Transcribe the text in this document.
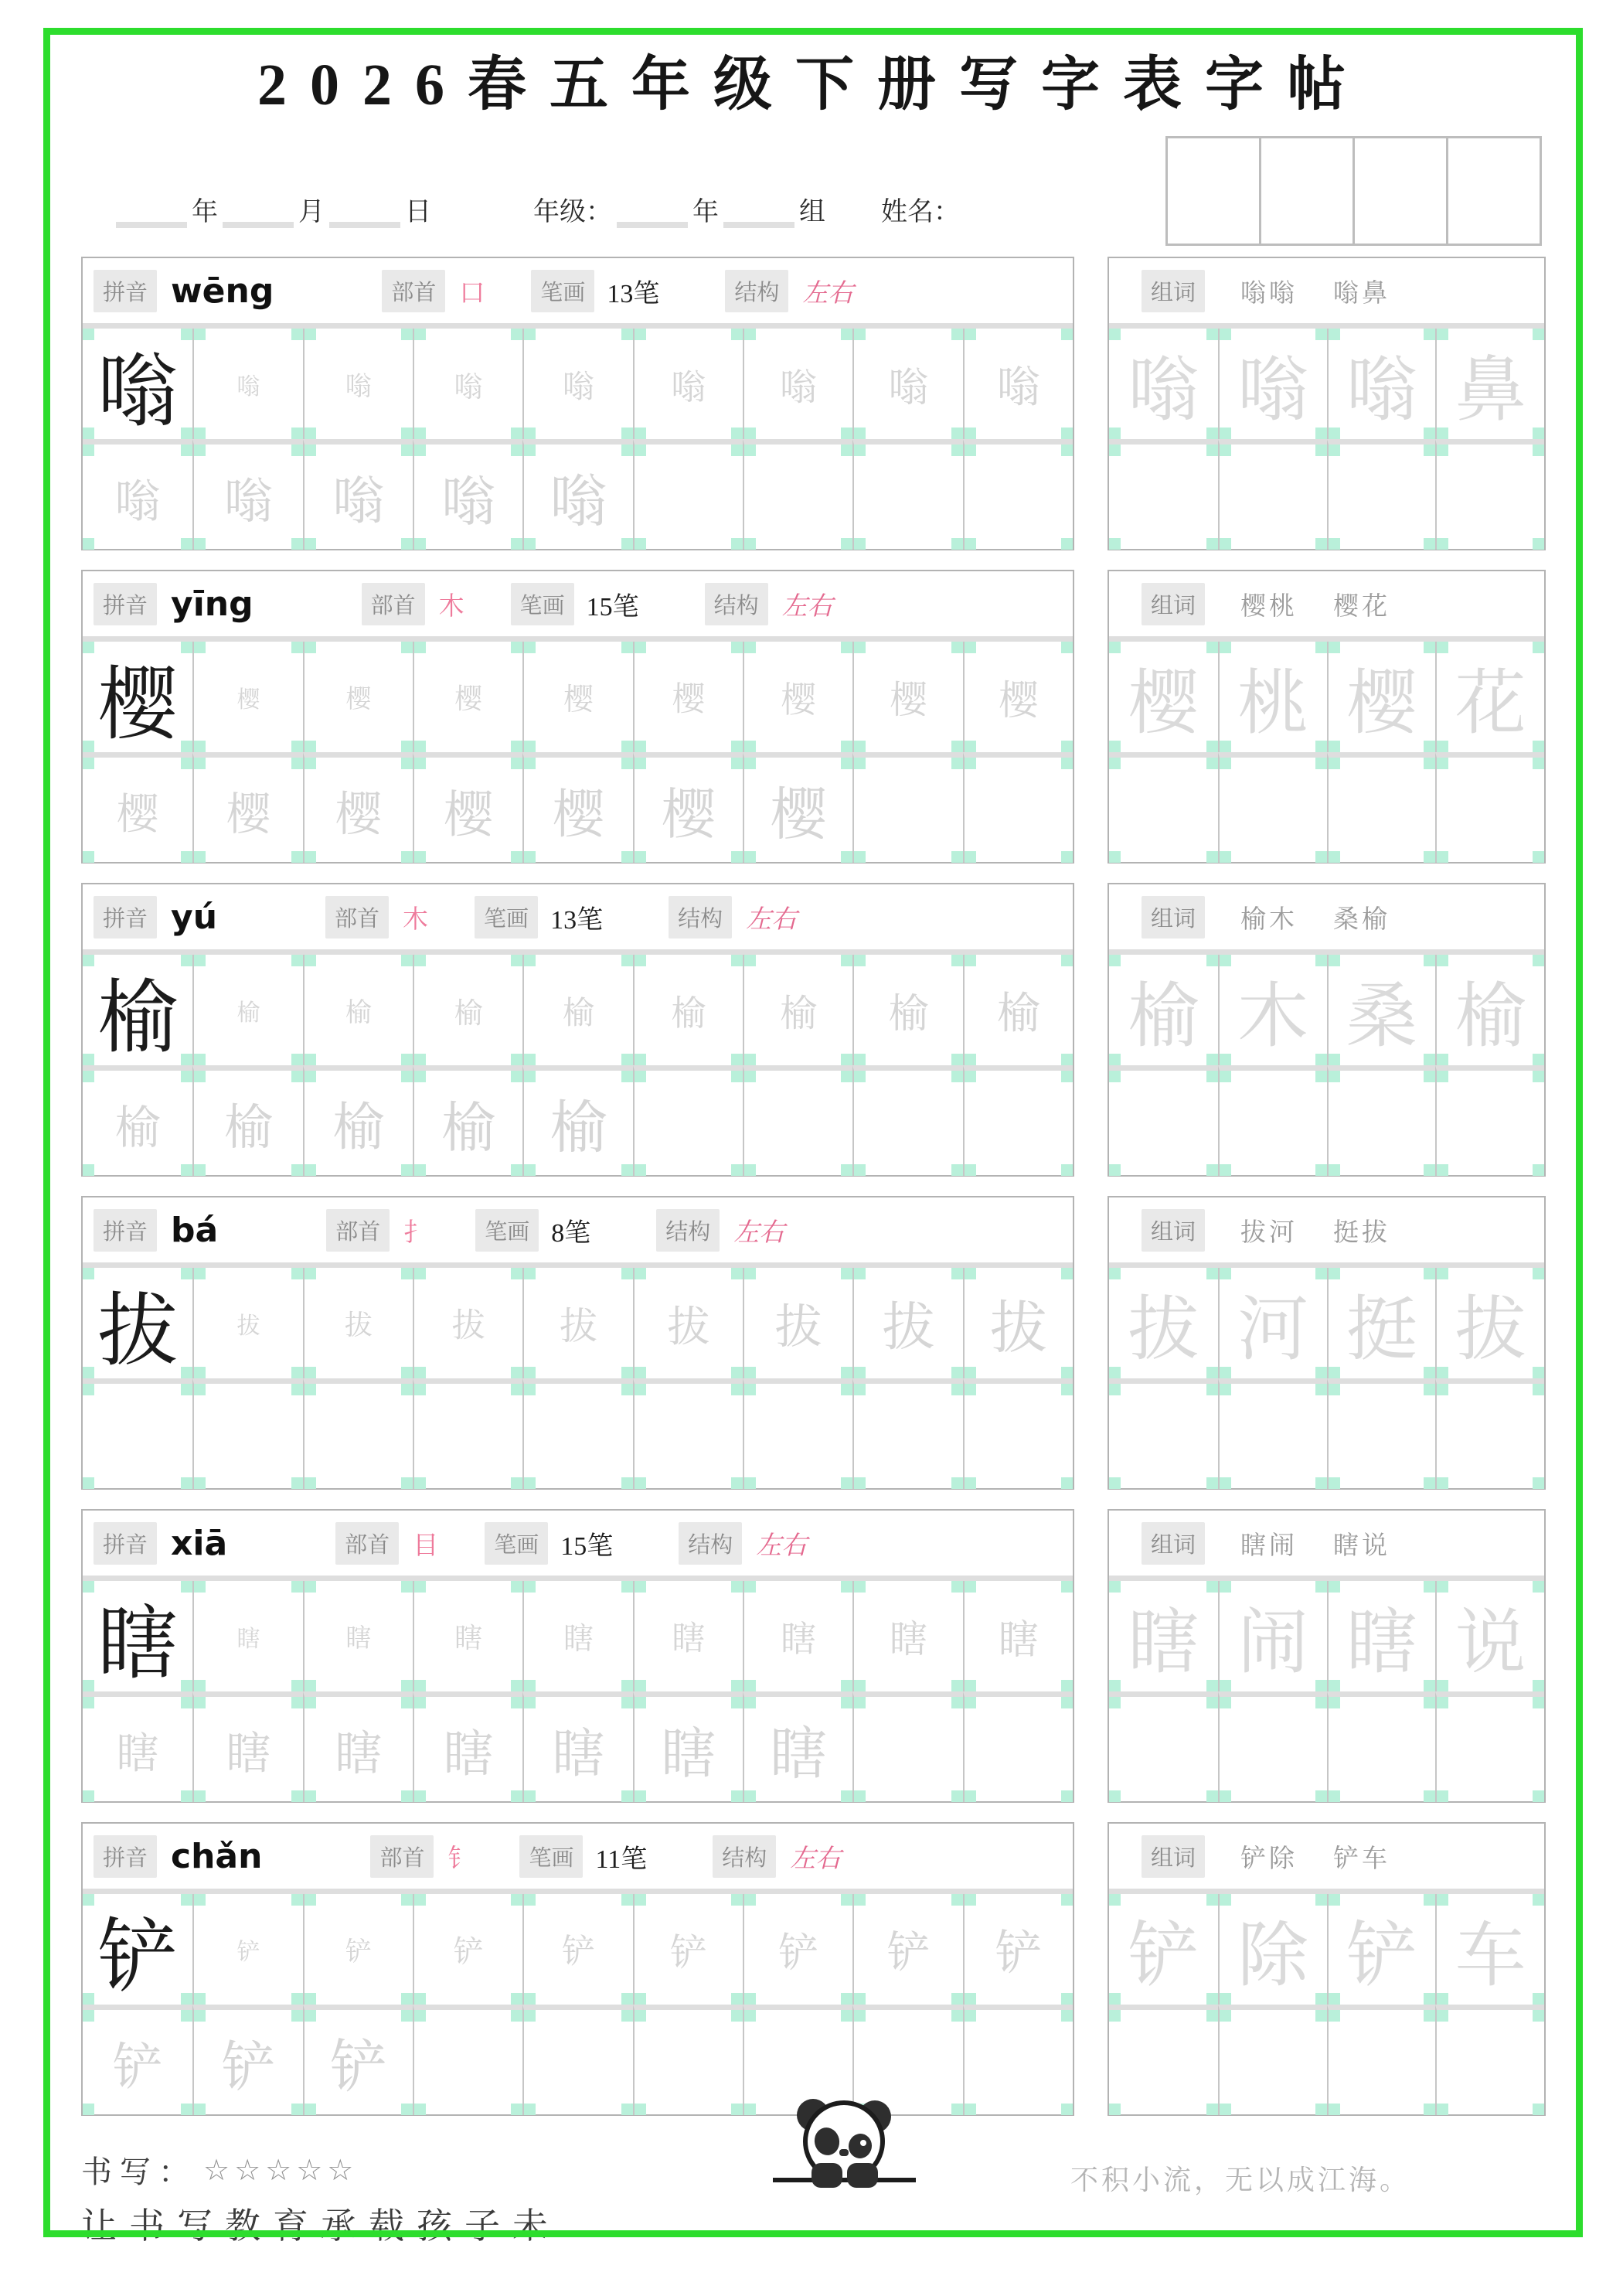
2026春五年级下册写字表字帖
年	月	日	年级：	年	组 姓名：
拼音 wēng	部首 口	笔画 13笔	结构 左右
嗡	嗡	嗡	嗡	嗡	嗡	嗡	嗡	嗡
嗡	嗡	嗡	嗡 嗡
组词	嗡嗡 嗡鼻
嗡 嗡 嗡 鼻
拼音 yīng	部首 木	笔画 15笔	结构 左右
樱	樱	樱	樱	樱	樱	樱	樱	樱
樱	樱	樱	樱	樱	樱 樱
组词	樱桃 樱花
樱 桃 樱 花
拼音 yú	部首 木	笔画 13笔	结构 左右
榆	榆	榆	榆	榆	榆	榆	榆	榆
榆	榆	榆	榆 榆
组词	榆木 桑榆
榆 木 桑 榆
拼音 bá	部首 扌	笔画 8笔	结构 左右
拔	拔	拔	拔	拔	拔	拔	拔 拔
组词	拔河 挺拔
拔 河 挺 拔
拼音 xiā	部首 目	笔画 15笔	结构 左右
瞎	瞎	瞎	瞎	瞎	瞎	瞎	瞎	瞎
瞎	瞎	瞎	瞎	瞎	瞎 瞎
组词	瞎闹 瞎说
瞎 闹 瞎 说
拼音 chǎn	部首 钅	笔画 11笔	结构 左右
铲	铲	铲	铲	铲	铲	铲	铲	铲
铲	铲 铲
组词	铲除 铲车
铲 除 铲 车
书写： ☆☆☆☆☆
让书写教育承载孩子未
不积小流，无以成江海。
